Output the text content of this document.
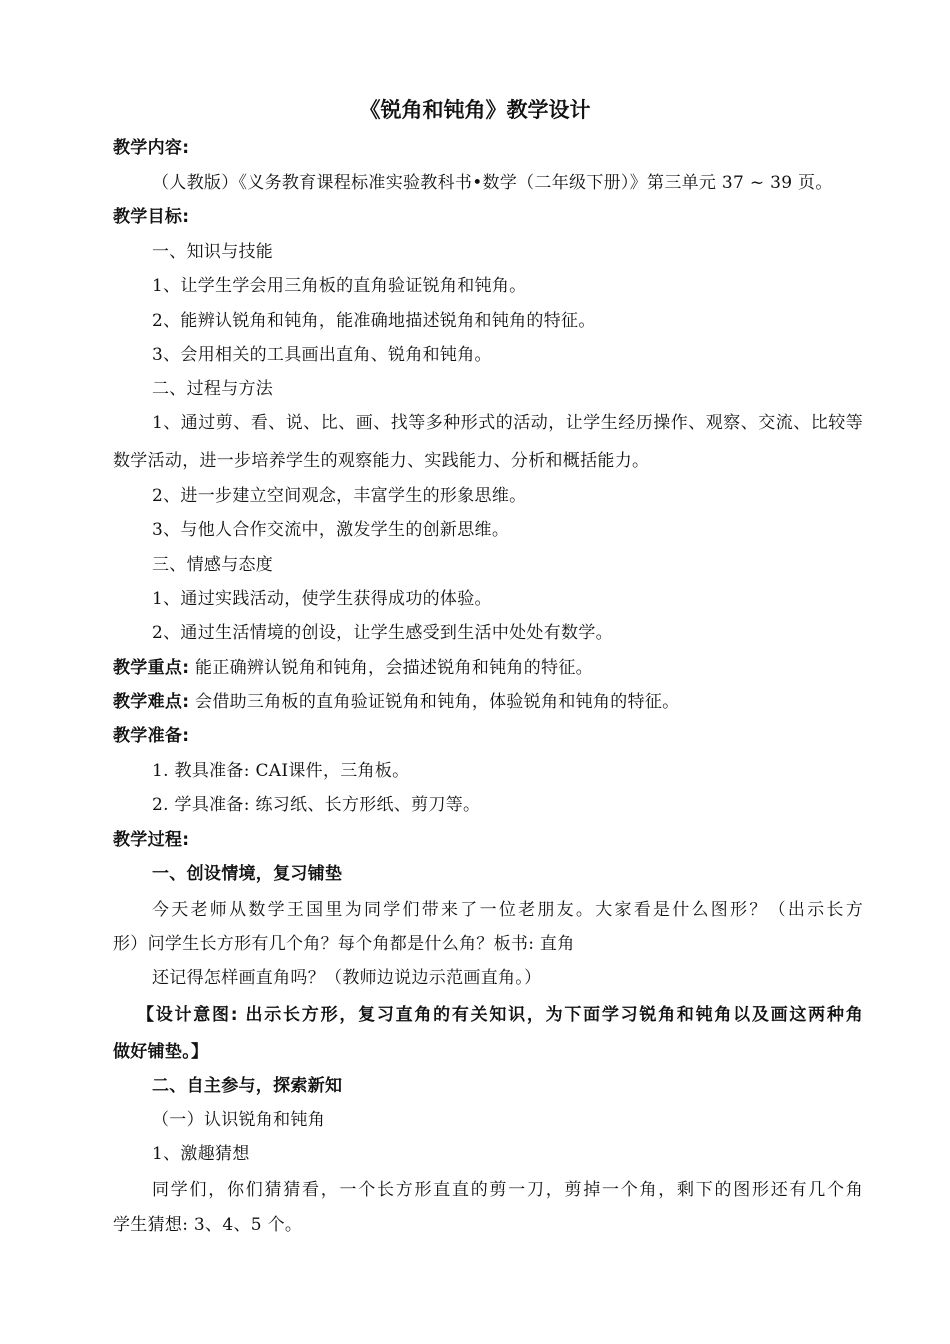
《锐角和钝角》教学设计
教学内容:
（人教版）《义务教育课程标准实验教科书•数学（二年级下册）》第三单元 37 ~ 39 页。
教学目标:
一、知识与技能
1、让学生学会用三角板的直角验证锐角和钝角。
2、能辨认锐角和钝角，能准确地描述锐角和钝角的特征。
3、会用相关的工具画出直角、锐角和钝角。
二、过程与方法
1、通过剪、看、说、比、画、找等多种形式的活动，让学生经历操作、观察、交流、比较等
数学活动，进一步培养学生的观察能力、实践能力、分析和概括能力。
2、进一步建立空间观念，丰富学生的形象思维。
3、与他人合作交流中，激发学生的创新思维。
三、情感与态度
1、通过实践活动，使学生获得成功的体验。
2、通过生活情境的创设，让学生感受到生活中处处有数学。
教学重点: 能正确辨认锐角和钝角，会描述锐角和钝角的特征。
教学难点: 会借助三角板的直角验证锐角和钝角，体验锐角和钝角的特征。
教学准备:
1. 教具准备: CAI课件，三角板。
2. 学具准备: 练习纸、长方形纸、剪刀等。
教学过程:
一、创设情境，复习铺垫
今天老师从数学王国里为同学们带来了一位老朋友。大家看是什么图形？（出示长方
形）问学生长方形有几个角？每个角都是什么角？板书: 直角
还记得怎样画直角吗？（教师边说边示范画直角。）
【设计意图: 出示长方形，复习直角的有关知识，为下面学习锐角和钝角以及画这两种角
做好铺垫。】
二、自主参与，探索新知
（一）认识锐角和钝角
1、激趣猜想
同学们，你们猜猜看，一个长方形直直的剪一刀，剪掉一个角，剩下的图形还有几个角
学生猜想: 3、4、5 个。
